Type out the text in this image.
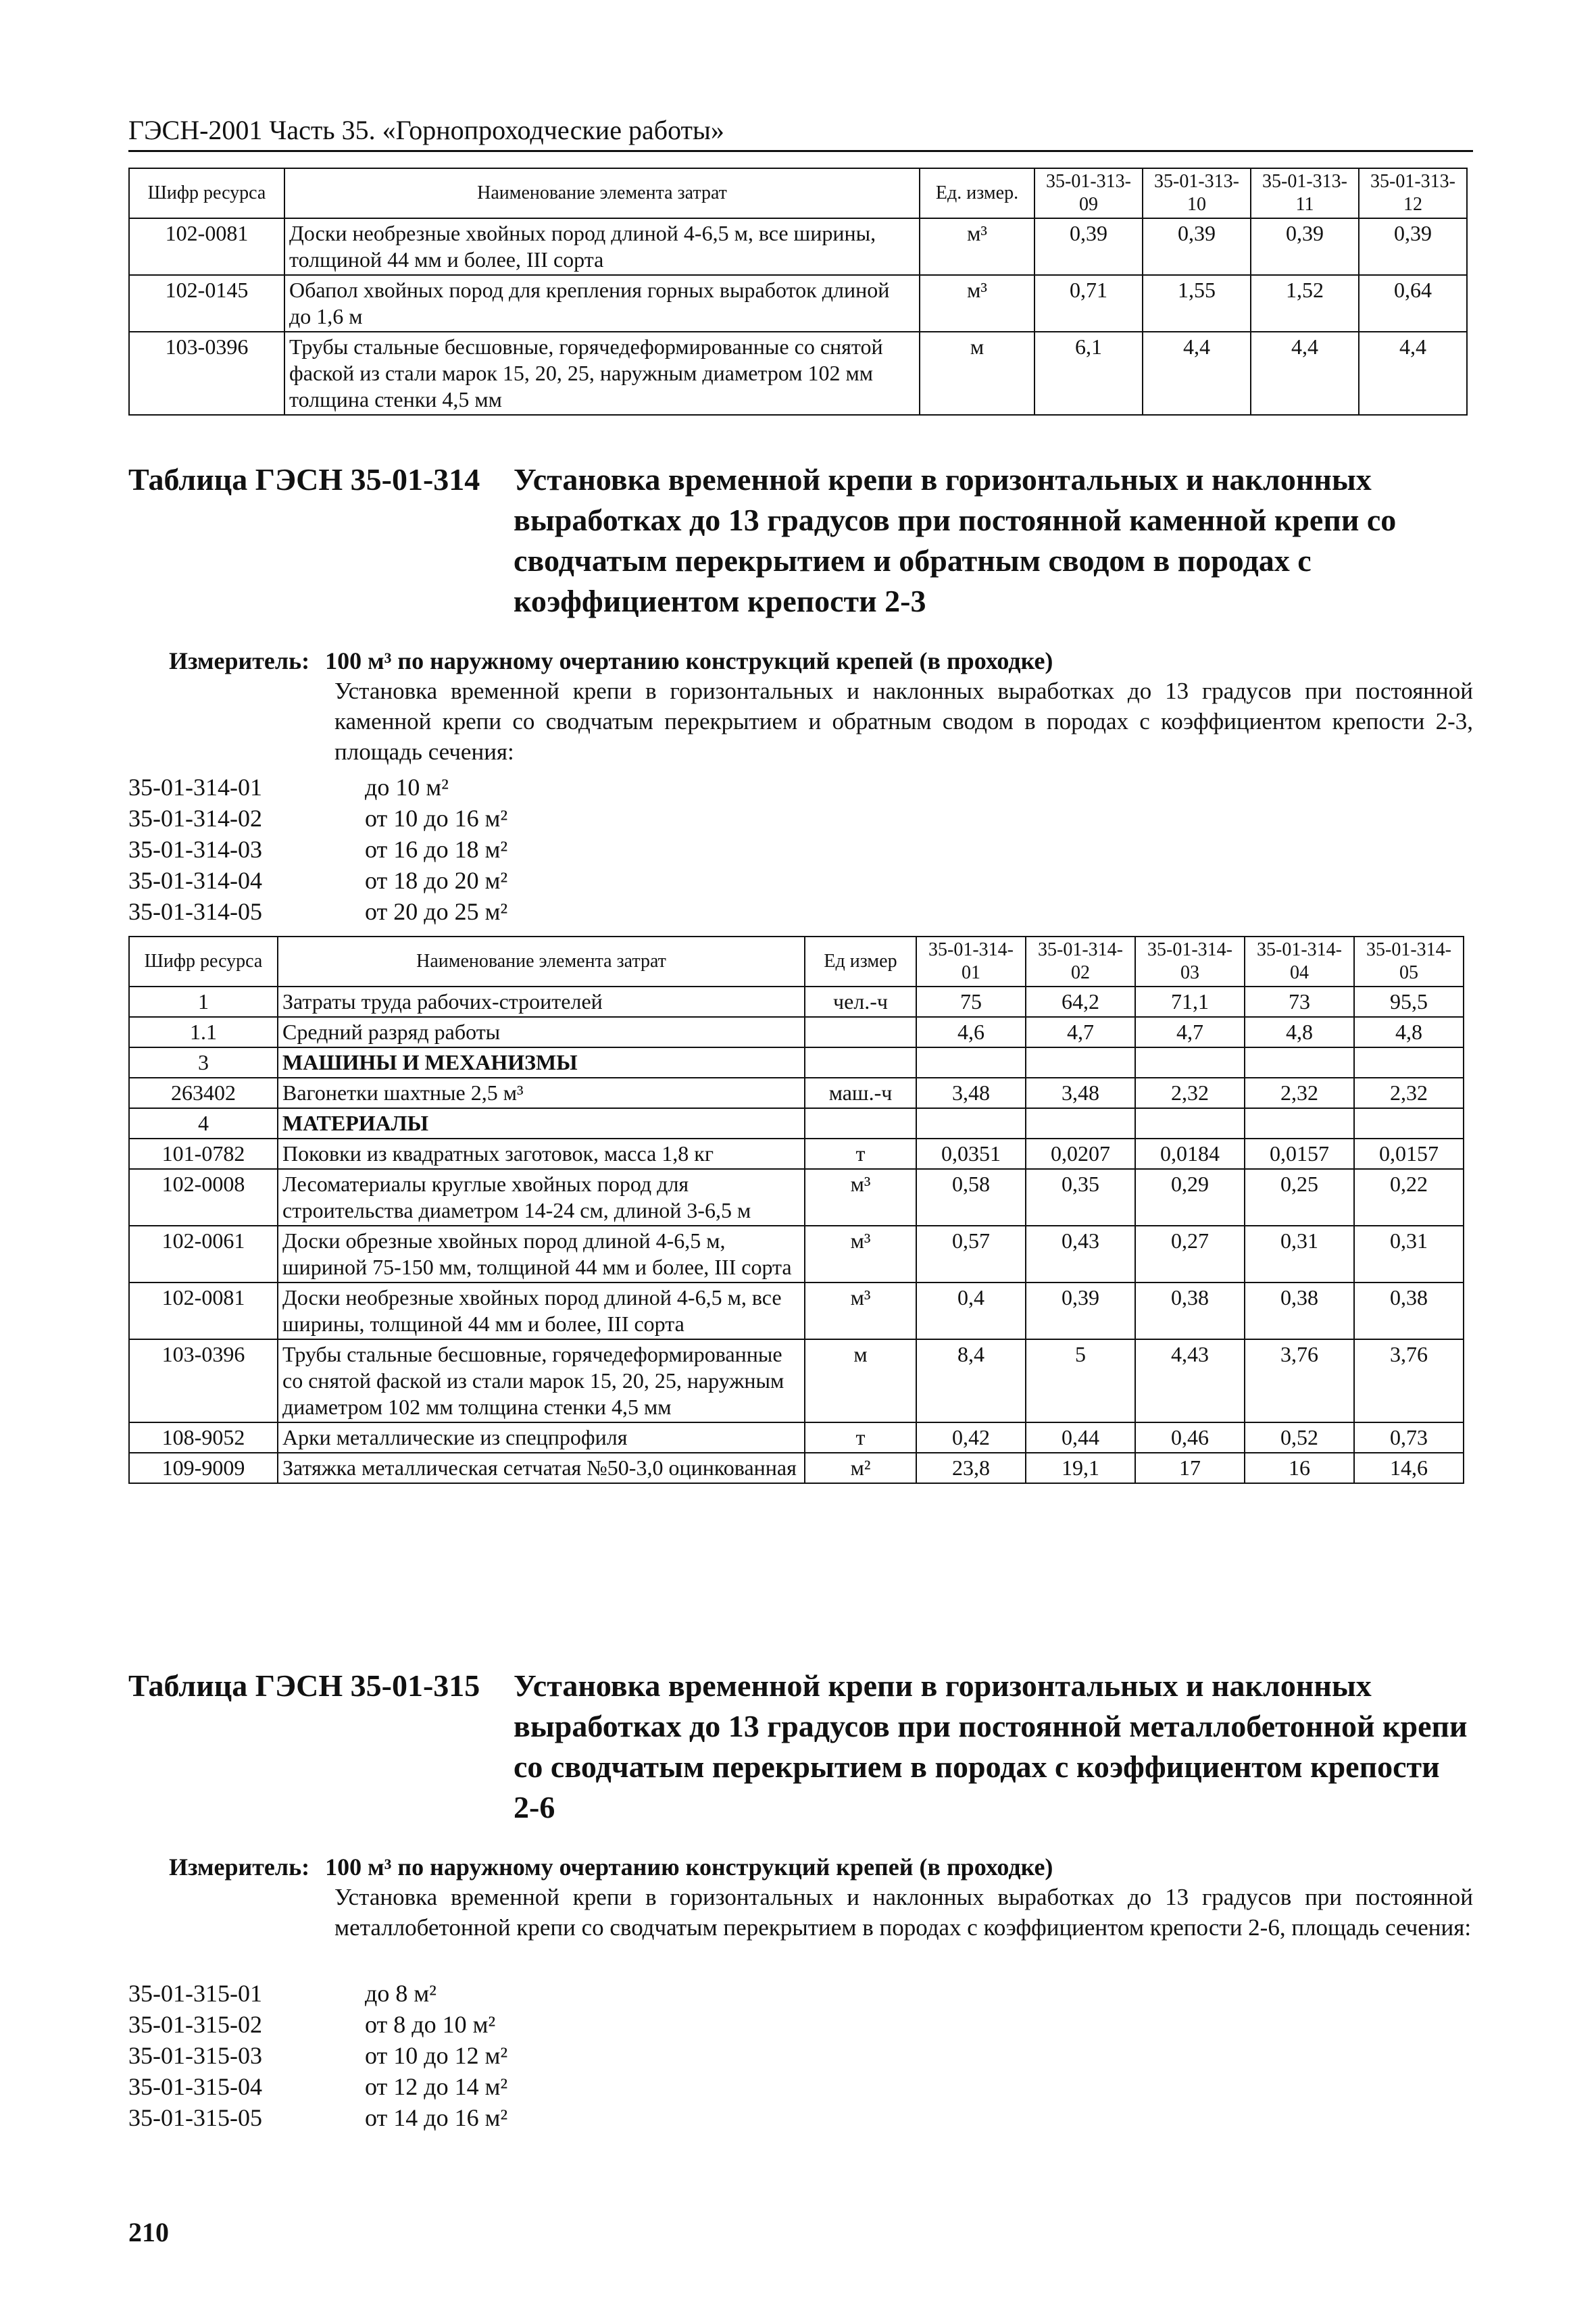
ГЭСН-2001 Часть 35. «Горнопроходческие работы»
Шифр ресурса	Наименование элемента затрат	Ед. измер.	35-01-313-09	35-01-313-10	35-01-313-11	35-01-313-12
102-0081	Доски необрезные хвойных пород длиной 4-6,5 м, все ширины, толщиной 44 мм и более, III сорта	м³	0,39	0,39	0,39	0,39
102-0145	Обапол хвойных пород для крепления горных выработок длиной до 1,6 м	м³	0,71	1,55	1,52	0,64
103-0396	Трубы стальные бесшовные, горячедеформированные со снятой фаской из стали марок 15, 20, 25, наружным диаметром 102 мм толщина стенки 4,5 мм	м	6,1	4,4	4,4	4,4
Таблица ГЭСН 35-01-314 Установка временной крепи в горизонтальных и наклонных выработках до 13 градусов при постоянной каменной крепи со сводчатым перекрытием и обратным сводом в породах с коэффициентом крепости 2-3
Измеритель: 100 м³ по наружному очертанию конструкций крепей (в проходке)
Установка временной крепи в горизонтальных и наклонных выработках до 13 градусов при постоянной каменной крепи со сводчатым перекрытием и обратным сводом в породах с коэффициентом крепости 2-3, площадь сечения:
35-01-314-01	до 10 м²
35-01-314-02	от 10 до 16 м²
35-01-314-03	от 16 до 18 м²
35-01-314-04	от 18 до 20 м²
35-01-314-05	от 20 до 25 м²
Шифр ресурса	Наименование элемента затрат	Ед измер	35-01-314-01	35-01-314-02	35-01-314-03	35-01-314-04	35-01-314-05
1	Затраты труда рабочих-строителей	чел.-ч	75	64,2	71,1	73	95,5
1.1	Средний разряд работы		4,6	4,7	4,7	4,8	4,8
3	МАШИНЫ И МЕХАНИЗМЫ						
263402	Вагонетки шахтные 2,5 м³	маш.-ч	3,48	3,48	2,32	2,32	2,32
4	МАТЕРИАЛЫ						
101-0782	Поковки из квадратных заготовок, масса 1,8 кг	т	0,0351	0,0207	0,0184	0,0157	0,0157
102-0008	Лесоматериалы круглые хвойных пород для строительства диаметром 14-24 см, длиной 3-6,5 м	м³	0,58	0,35	0,29	0,25	0,22
102-0061	Доски обрезные хвойных пород длиной 4-6,5 м, шириной 75-150 мм, толщиной 44 мм и более, III сорта	м³	0,57	0,43	0,27	0,31	0,31
102-0081	Доски необрезные хвойных пород длиной 4-6,5 м, все ширины, толщиной 44 мм и более, III сорта	м³	0,4	0,39	0,38	0,38	0,38
103-0396	Трубы стальные бесшовные, горячедеформированные со снятой фаской из стали марок 15, 20, 25, наружным диаметром 102 мм толщина стенки 4,5 мм	м	8,4	5	4,43	3,76	3,76
108-9052	Арки металлические из спецпрофиля	т	0,42	0,44	0,46	0,52	0,73
109-9009	Затяжка металлическая сетчатая №50-3,0 оцинкованная	м²	23,8	19,1	17	16	14,6
Таблица ГЭСН 35-01-315 Установка временной крепи в горизонтальных и наклонных выработках до 13 градусов при постоянной металлобетонной крепи со сводчатым перекрытием в породах с коэффициентом крепости 2-6
Измеритель: 100 м³ по наружному очертанию конструкций крепей (в проходке)
Установка временной крепи в горизонтальных и наклонных выработках до 13 градусов при постоянной металлобетонной крепи со сводчатым перекрытием в породах с коэффициентом крепости 2-6, площадь сечения:
35-01-315-01	до 8 м²
35-01-315-02	от 8 до 10 м²
35-01-315-03	от 10 до 12 м²
35-01-315-04	от 12 до 14 м²
35-01-315-05	от 14 до 16 м²
210
